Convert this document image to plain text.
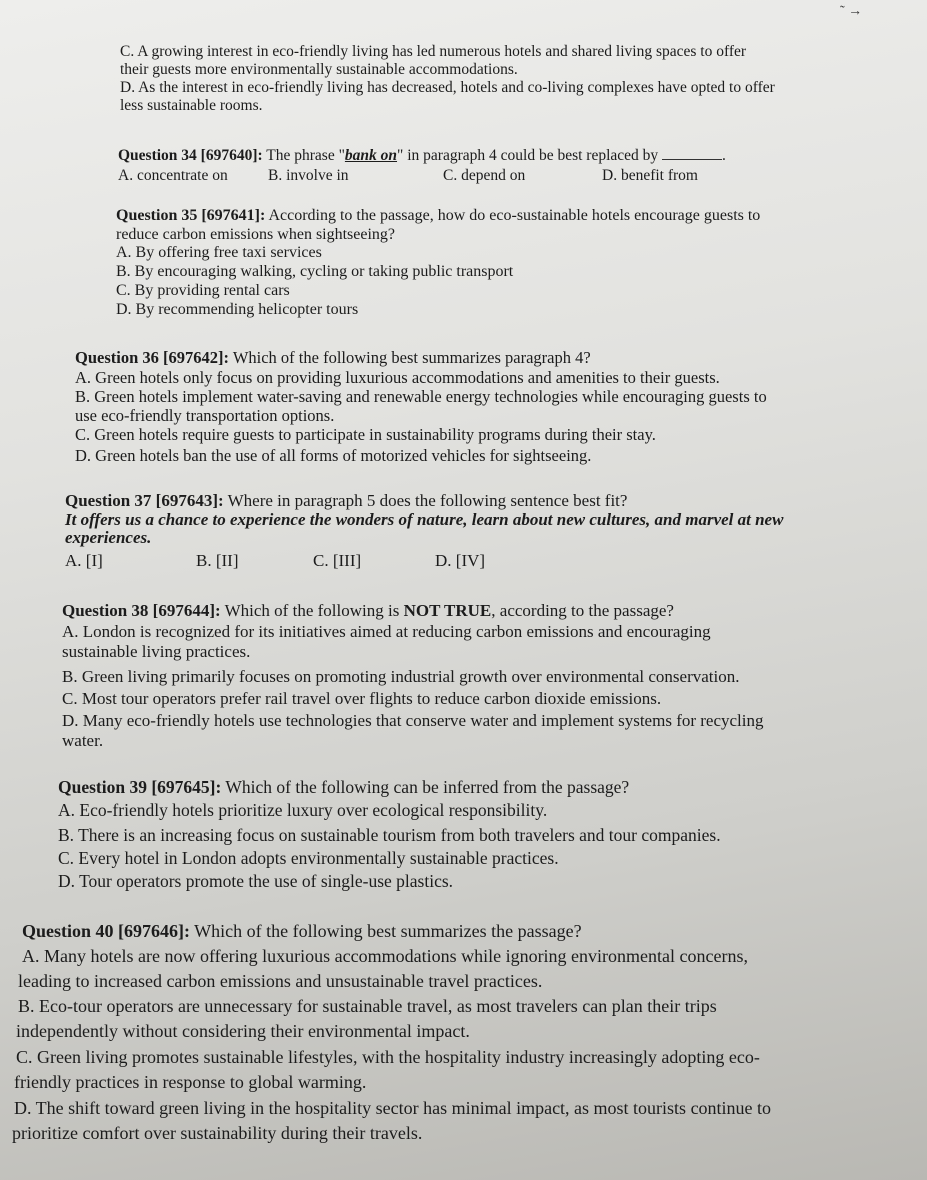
˜ →
C. A growing interest in eco-friendly living has led numerous hotels and shared living spaces to offer
their guests more environmentally sustainable accommodations.
D. As the interest in eco-friendly living has decreased, hotels and co-living complexes have opted to offer
less sustainable rooms.
Question 34 [697640]: The phrase "bank on" in paragraph 4 could be best replaced by	.
A. concentrate on	B. involve in	C. depend on	D. benefit from
Question 35 [697641]: According to the passage, how do eco-sustainable hotels encourage guests to
reduce carbon emissions when sightseeing?
A. By offering free taxi services
B. By encouraging walking, cycling or taking public transport
C. By providing rental cars
D. By recommending helicopter tours
Question 36 [697642]: Which of the following best summarizes paragraph 4?
A. Green hotels only focus on providing luxurious accommodations and amenities to their guests.
B. Green hotels implement water-saving and renewable energy technologies while encouraging guests to
use eco-friendly transportation options.
C. Green hotels require guests to participate in sustainability programs during their stay.
D. Green hotels ban the use of all forms of motorized vehicles for sightseeing.
Question 37 [697643]: Where in paragraph 5 does the following sentence best fit?
It offers us a chance to experience the wonders of nature, learn about new cultures, and marvel at new
experiences.
A. [I]	B. [II]	C. [III]	D. [IV]
Question 38 [697644]: Which of the following is NOT TRUE, according to the passage?
A. London is recognized for its initiatives aimed at reducing carbon emissions and encouraging
sustainable living practices.
B. Green living primarily focuses on promoting industrial growth over environmental conservation.
C. Most tour operators prefer rail travel over flights to reduce carbon dioxide emissions.
D. Many eco-friendly hotels use technologies that conserve water and implement systems for recycling
water.
Question 39 [697645]: Which of the following can be inferred from the passage?
A. Eco-friendly hotels prioritize luxury over ecological responsibility.
B. There is an increasing focus on sustainable tourism from both travelers and tour companies.
C. Every hotel in London adopts environmentally sustainable practices.
D. Tour operators promote the use of single-use plastics.
Question 40 [697646]: Which of the following best summarizes the passage?
A. Many hotels are now offering luxurious accommodations while ignoring environmental concerns,
leading to increased carbon emissions and unsustainable travel practices.
B. Eco-tour operators are unnecessary for sustainable travel, as most travelers can plan their trips
independently without considering their environmental impact.
C. Green living promotes sustainable lifestyles, with the hospitality industry increasingly adopting eco-
friendly practices in response to global warming.
D. The shift toward green living in the hospitality sector has minimal impact, as most tourists continue to
prioritize comfort over sustainability during their travels.
